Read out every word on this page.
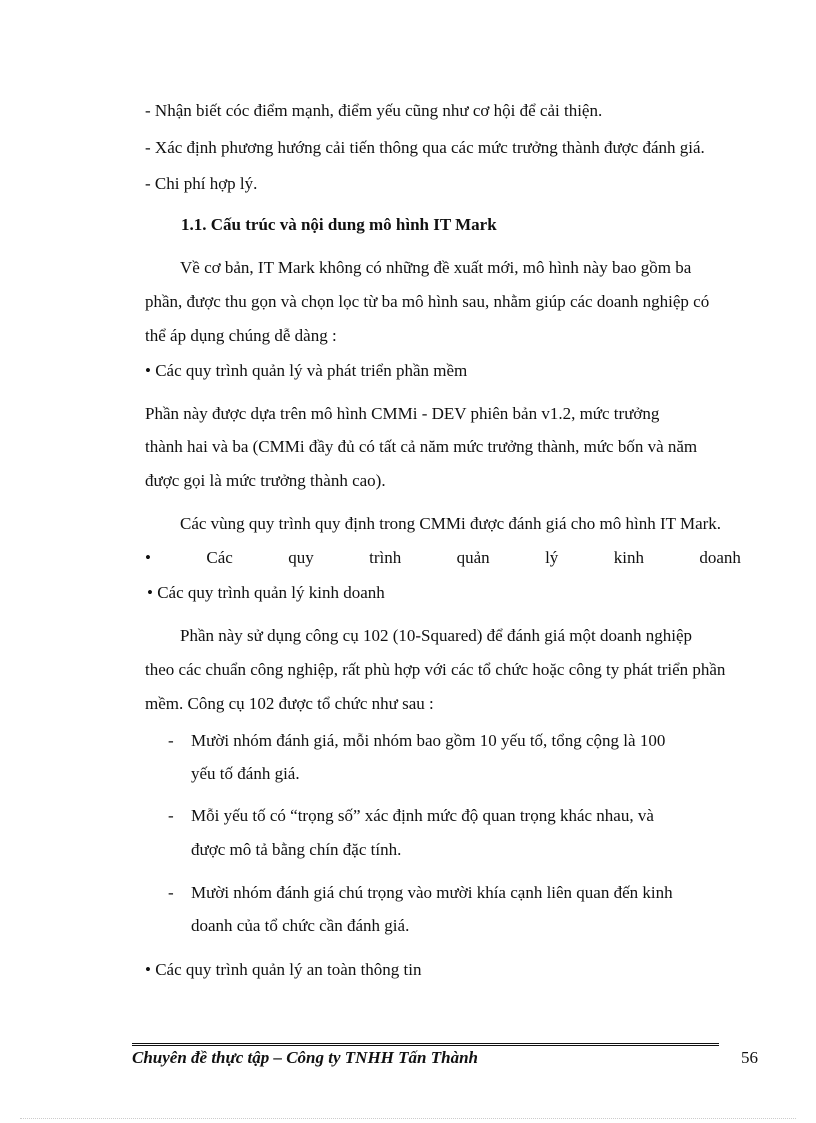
- Nhận biết cóc điểm mạnh, điểm yếu cũng như cơ hội để cải thiện.

- Xác định phương hướng cải tiến thông qua các mức trưởng thành được đánh giá.

- Chi phí hợp lý.

1.1. Cấu trúc và nội dung mô hình IT Mark

Về cơ bản, IT Mark không có những đề xuất mới, mô hình này bao gồm ba

phần, được thu gọn và chọn lọc từ ba mô hình sau, nhằm giúp các doanh nghiệp có

thể áp dụng chúng dễ dàng :

• Các quy trình quản lý và phát triển phần mềm

Phần này được dựa trên mô hình CMMi - DEV phiên bản v1.2, mức trưởng

thành hai và ba (CMMi đầy đủ có tất cả năm mức trưởng thành, mức bốn và năm

được gọi là mức trưởng thành cao).

Các vùng quy trình quy định trong CMMi được đánh giá cho mô hình IT Mark.

•	Các	quy	trình	quản	lý	kinh	doanh

• Các quy trình quản lý kinh doanh

Phần này sử dụng công cụ 102 (10-Squared) để đánh giá một doanh nghiệp

theo các chuẩn công nghiệp, rất phù hợp với các tổ chức hoặc công ty phát triển phần

mềm. Công cụ 102 được tổ chức như sau :

- Mười nhóm đánh giá, mỗi nhóm bao gồm 10 yếu tố, tổng cộng là 100

yếu tố đánh giá.

- Mỗi yếu tố có “trọng số” xác định mức độ quan trọng khác nhau, và

được mô tả bằng chín đặc tính.

- Mười nhóm đánh giá chú trọng vào mười khía cạnh liên quan đến kinh

doanh của tổ chức cần đánh giá.

• Các quy trình quản lý an toàn thông tin

Chuyên đề thực tập – Công ty TNHH Tấn Thành	56
